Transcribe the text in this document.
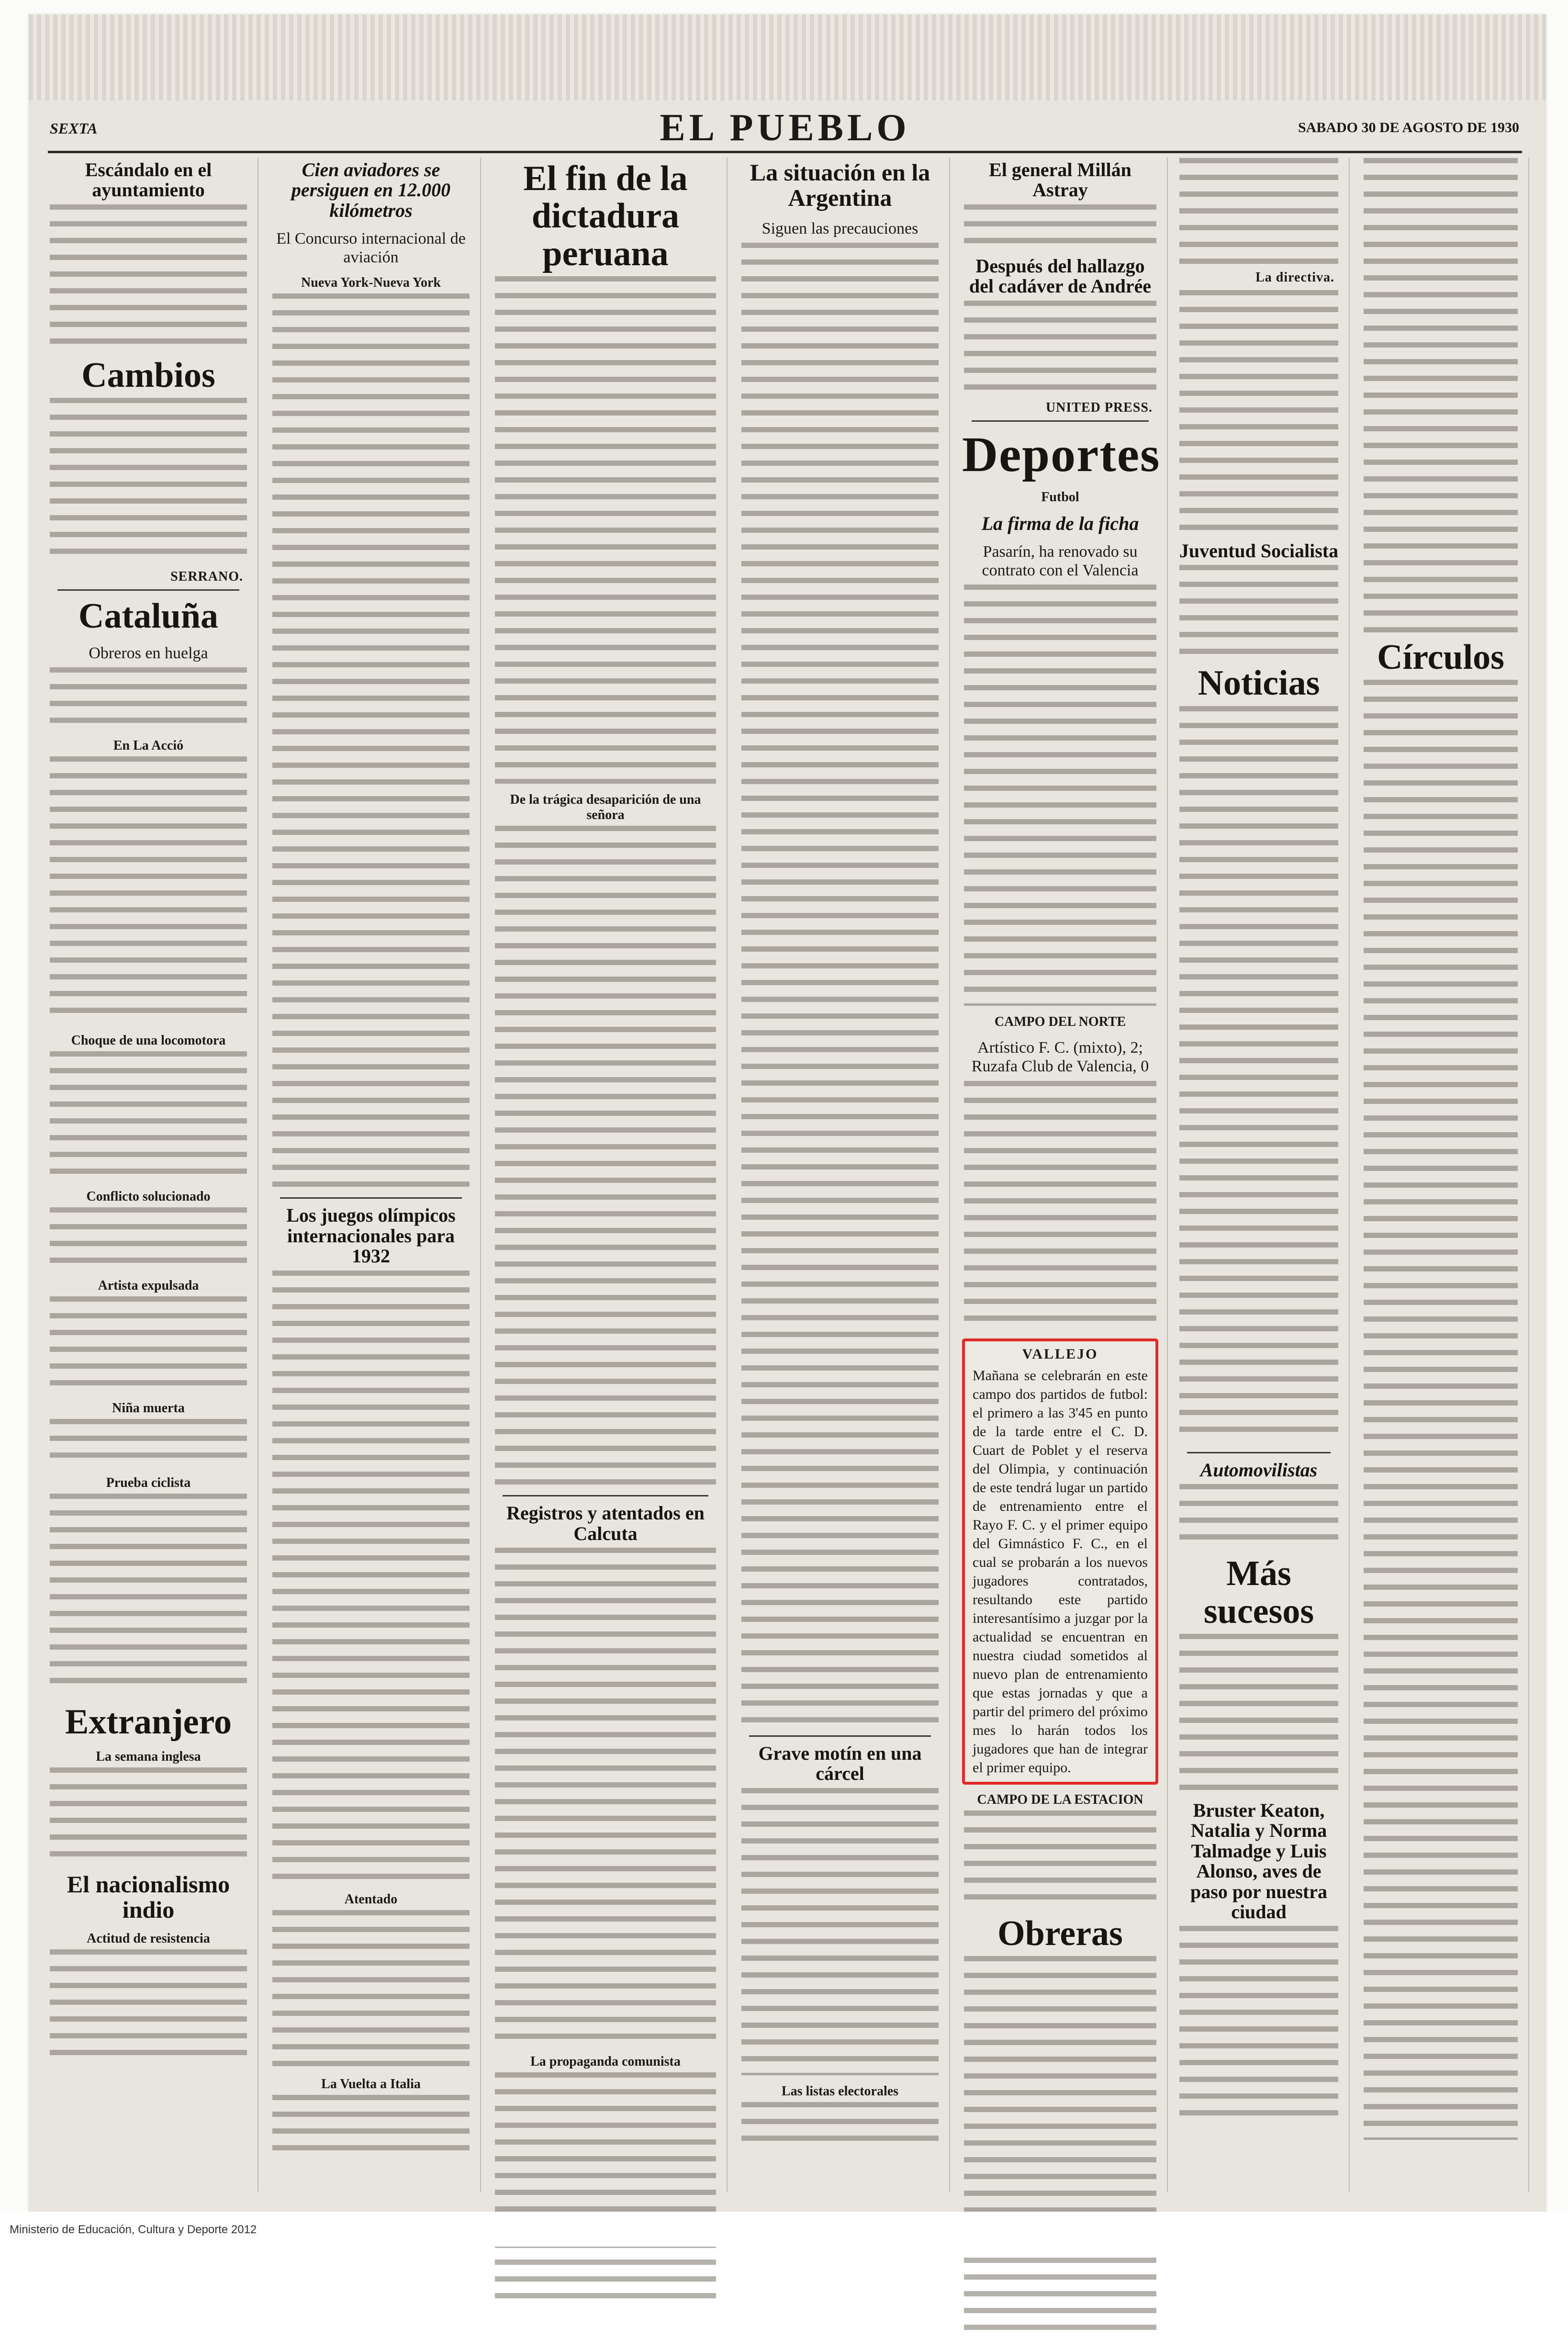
SEXTA	EL PUEBLO	SABADO 30 DE AGOSTO DE 1930
Escándalo en el ayuntamiento
Cambios
SERRANO.
Cataluña
Obreros en huelga
En La Acció
Choque de una locomotora
Conflicto solucionado
Artista expulsada
Niña muerta
Prueba ciclista
Extranjero
La semana inglesa
El nacionalismo indio
Actitud de resistencia
Cien aviadores se persiguen en 12.000 kilómetros
El Concurso internacional de aviación
Nueva York-Nueva York
Los juegos olímpicos internacionales para 1932
Atentado
La Vuelta a Italia
El fin de la dictadura peruana
De la trágica desaparición de una señora
Registros y atentados en Calcuta
La propaganda comunista
La situación en la Argentina
Siguen las precauciones
Grave motín en una cárcel
Las listas electorales
El general Millán Astray
Después del hallazgo del cadáver de Andrée
UNITED PRESS.
Deportes
Futbol
La firma de la ficha
Pasarín, ha renovado su contrato con el Valencia
CAMPO DEL NORTE
Artístico F. C. (mixto), 2; Ruzafa Club de Valencia, 0
VALLEJO

Mañana se celebrarán en este campo dos partidos de futbol: el primero a las 3'45 en punto de la tarde entre el C. D. Cuart de Poblet y el reserva del Olimpia, y continuación de este tendrá lugar un partido de entrenamiento entre el Rayo F. C. y el primer equipo del Gimnástico F. C., en el cual se probarán a los nuevos jugadores contratados, resultando este partido interesantísimo a juzgar por la actualidad se encuentran en nuestra ciudad sometidos al nuevo plan de entrenamiento que estas jornadas y que a partir del primero del próximo mes lo harán todos los jugadores que han de integrar el primer equipo.

CAMPO DE LA ESTACION
Obreras
La directiva.
Juventud Socialista
Noticias
Automovilistas
Más sucesos
Bruster Keaton, Natalia y Norma Talmadge y Luis Alonso, aves de paso por nuestra ciudad
Círculos
Ministerio de Educación, Cultura y Deporte 2012
